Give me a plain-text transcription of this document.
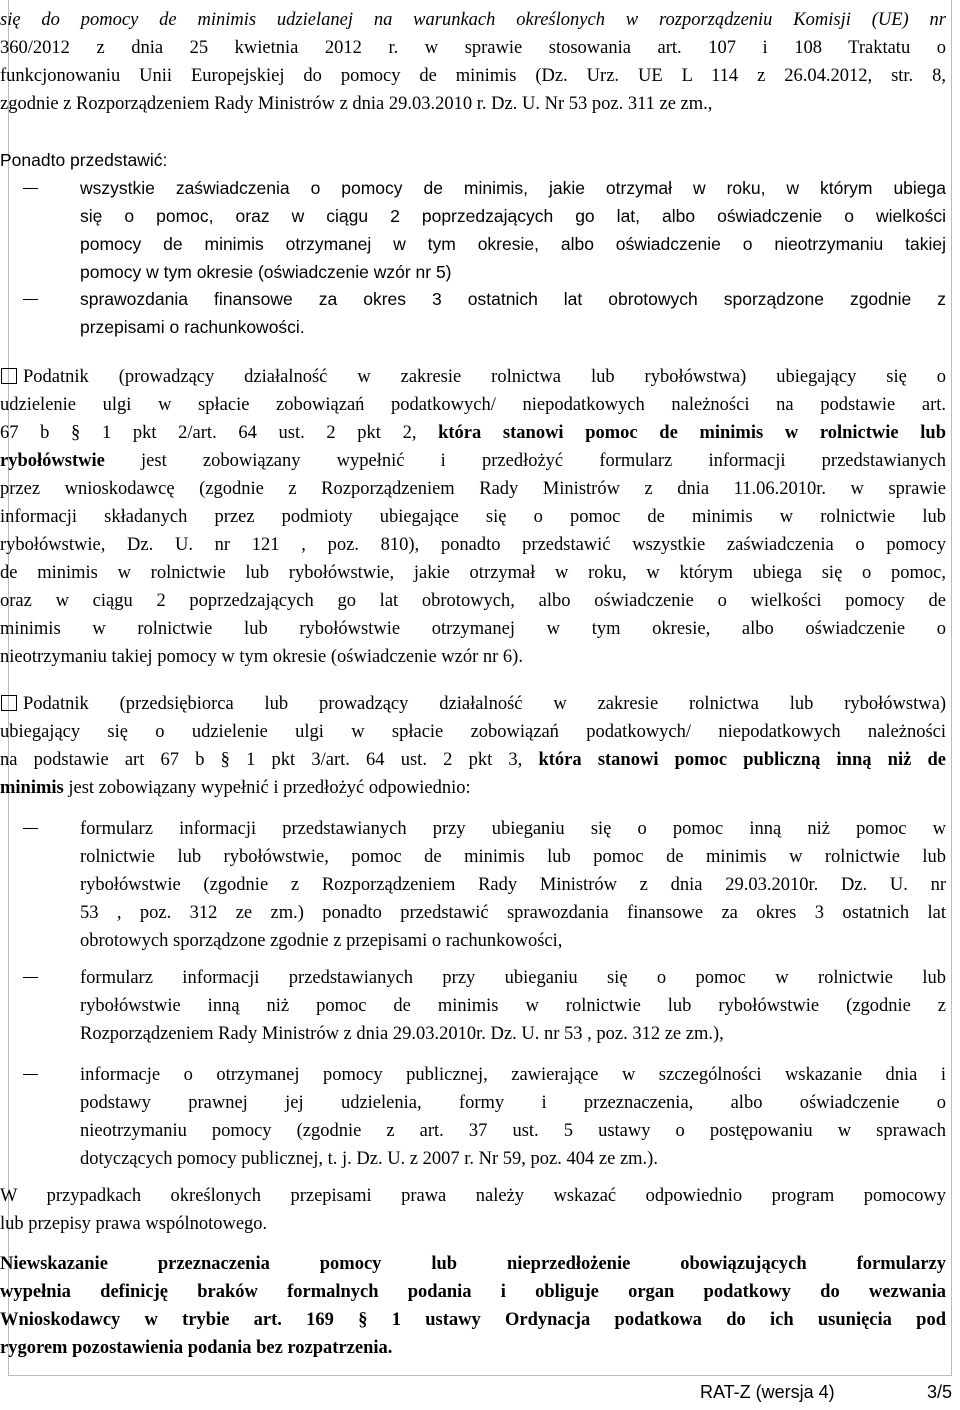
się do pomocy de minimis udzielanej na warunkach określonych w rozporządzeniu Komisji (UE) nr
360/2012 z dnia 25 kwietnia 2012 r. w sprawie stosowania art. 107 i 108 Traktatu o
funkcjonowaniu Unii Europejskiej do pomocy de minimis (Dz. Urz. UE L 114 z 26.04.2012, str. 8,
zgodnie z Rozporządzeniem Rady Ministrów z dnia 29.03.2010 r. Dz. U. Nr 53 poz. 311 ze zm.,
Ponadto przedstawić:
wszystkie zaświadczenia o pomocy de minimis, jakie otrzymał w roku, w którym ubiega
się o pomoc, oraz w ciągu 2 poprzedzających go lat, albo oświadczenie o wielkości
pomocy de minimis otrzymanej w tym okresie, albo oświadczenie o nieotrzymaniu takiej
pomocy w tym okresie (oświadczenie wzór nr 5)
sprawozdania finansowe za okres 3 ostatnich lat obrotowych sporządzone zgodnie z
przepisami o rachunkowości.
Podatnik (prowadzący działalność w zakresie rolnictwa lub rybołówstwa) ubiegający się o
udzielenie ulgi w spłacie zobowiązań podatkowych/ niepodatkowych należności na podstawie art.
67 b § 1 pkt 2/art. 64 ust. 2 pkt 2, która stanowi pomoc de minimis w rolnictwie lub
rybołówstwie jest zobowiązany wypełnić i przedłożyć formularz informacji przedstawianych
przez wnioskodawcę (zgodnie z Rozporządzeniem Rady Ministrów z dnia 11.06.2010r. w sprawie
informacji składanych przez podmioty ubiegające się o pomoc de minimis w rolnictwie lub
rybołówstwie, Dz. U. nr 121 , poz. 810), ponadto przedstawić wszystkie zaświadczenia o pomocy
de minimis w rolnictwie lub rybołówstwie, jakie otrzymał w roku, w którym ubiega się o pomoc,
oraz w ciągu 2 poprzedzających go lat obrotowych, albo oświadczenie o wielkości pomocy de
minimis w rolnictwie lub rybołówstwie otrzymanej w tym okresie, albo oświadczenie o
nieotrzymaniu takiej pomocy w tym okresie (oświadczenie wzór nr 6).
Podatnik (przedsiębiorca lub prowadzący działalność w zakresie rolnictwa lub rybołówstwa)
ubiegający się o udzielenie ulgi w spłacie zobowiązań podatkowych/ niepodatkowych należności
na podstawie art 67 b § 1 pkt 3/art. 64 ust. 2 pkt 3, która stanowi pomoc publiczną inną niż de
minimis jest zobowiązany wypełnić i przedłożyć odpowiednio:
formularz informacji przedstawianych przy ubieganiu się o pomoc inną niż pomoc w
rolnictwie lub rybołówstwie, pomoc de minimis lub pomoc de minimis w rolnictwie lub
rybołówstwie (zgodnie z Rozporządzeniem Rady Ministrów z dnia 29.03.2010r. Dz. U. nr
53 , poz. 312 ze zm.) ponadto przedstawić sprawozdania finansowe za okres 3 ostatnich lat
obrotowych sporządzone zgodnie z przepisami o rachunkowości,
formularz informacji przedstawianych przy ubieganiu się o pomoc w rolnictwie lub
rybołówstwie inną niż pomoc de minimis w rolnictwie lub rybołówstwie (zgodnie z
Rozporządzeniem Rady Ministrów z dnia 29.03.2010r. Dz. U. nr 53 , poz. 312 ze zm.),
informacje o otrzymanej pomocy publicznej, zawierające w szczególności wskazanie dnia i
podstawy prawnej jej udzielenia, formy i przeznaczenia, albo oświadczenie o
nieotrzymaniu pomocy (zgodnie z art. 37 ust. 5 ustawy o postępowaniu w sprawach
dotyczących pomocy publicznej, t. j. Dz. U. z 2007 r. Nr 59, poz. 404 ze zm.).
W przypadkach określonych przepisami prawa należy wskazać odpowiednio program pomocowy
lub przepisy prawa wspólnotowego.
Niewskazanie przeznaczenia pomocy lub nieprzedłożenie obowiązujących formularzy
wypełnia definicję braków formalnych podania i obliguje organ podatkowy do wezwania
Wnioskodawcy w trybie art. 169 § 1 ustawy Ordynacja podatkowa do ich usunięcia pod
rygorem pozostawienia podania bez rozpatrzenia.
RAT-Z (wersja 4)	3/5
